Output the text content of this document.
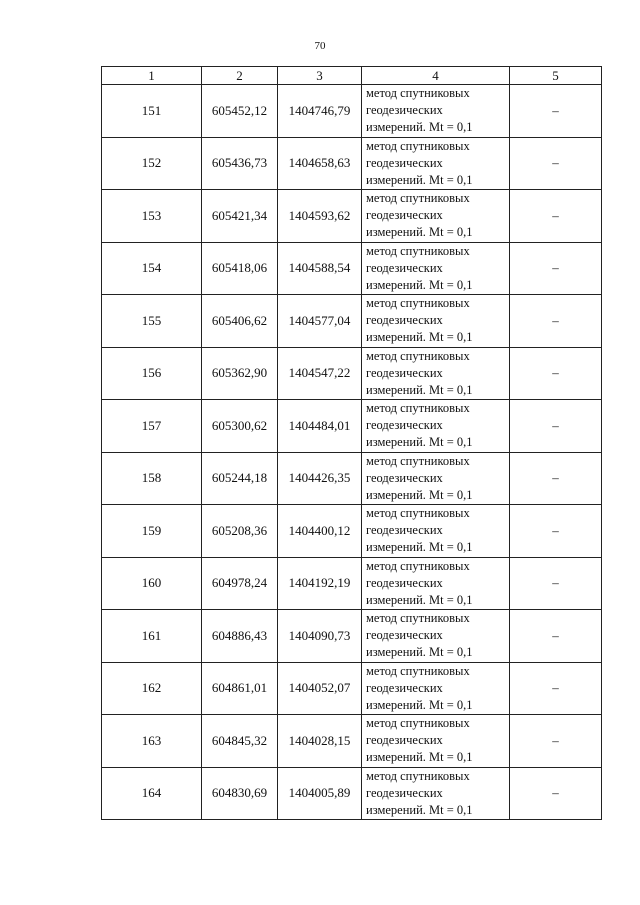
70
1	2	3	4	5
151	605452,12	1404746,79	метод спутниковых
геодезических
измерений. Mt = 0,1	–
152	605436,73	1404658,63	метод спутниковых
геодезических
измерений. Mt = 0,1	–
153	605421,34	1404593,62	метод спутниковых
геодезических
измерений. Mt = 0,1	–
154	605418,06	1404588,54	метод спутниковых
геодезических
измерений. Mt = 0,1	–
155	605406,62	1404577,04	метод спутниковых
геодезических
измерений. Mt = 0,1	–
156	605362,90	1404547,22	метод спутниковых
геодезических
измерений. Mt = 0,1	–
157	605300,62	1404484,01	метод спутниковых
геодезических
измерений. Mt = 0,1	–
158	605244,18	1404426,35	метод спутниковых
геодезических
измерений. Mt = 0,1	–
159	605208,36	1404400,12	метод спутниковых
геодезических
измерений. Mt = 0,1	–
160	604978,24	1404192,19	метод спутниковых
геодезических
измерений. Mt = 0,1	–
161	604886,43	1404090,73	метод спутниковых
геодезических
измерений. Mt = 0,1	–
162	604861,01	1404052,07	метод спутниковых
геодезических
измерений. Mt = 0,1	–
163	604845,32	1404028,15	метод спутниковых
геодезических
измерений. Mt = 0,1	–
164	604830,69	1404005,89	метод спутниковых
геодезических
измерений. Mt = 0,1	–
